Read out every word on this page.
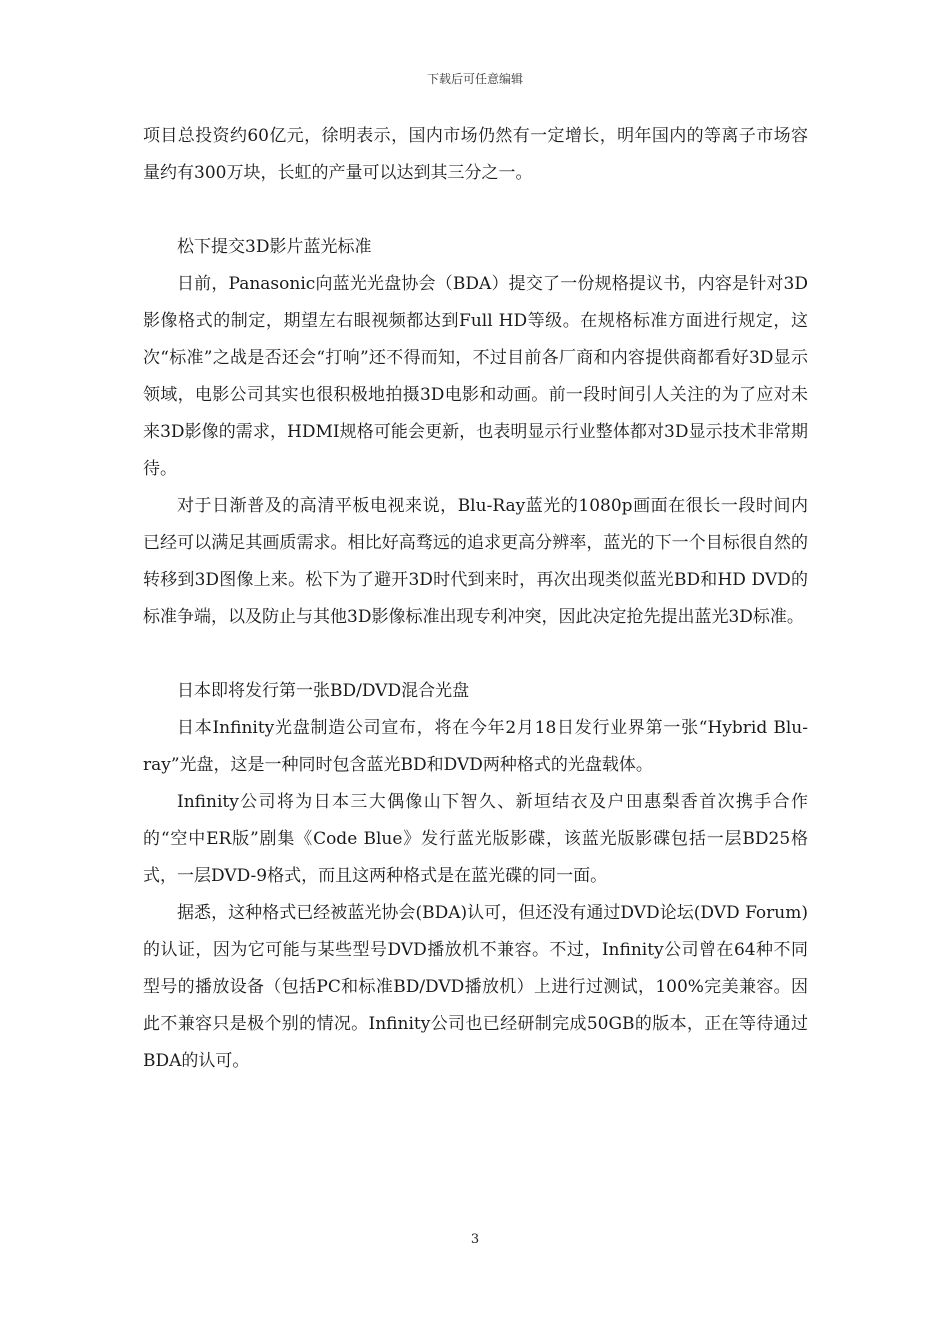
下载后可任意编辑

项目总投资约60亿元，徐明表示，国内市场仍然有一定增长，明年国内的等离子市场容量约有300万块，长虹的产量可以达到其三分之一。

松下提交3D影片蓝光标准

日前，Panasonic向蓝光光盘协会（BDA）提交了一份规格提议书，内容是针对3D影像格式的制定，期望左右眼视频都达到Full HD等级。在规格标准方面进行规定，这次“标准”之战是否还会“打响”还不得而知，不过目前各厂商和内容提供商都看好3D显示领域，电影公司其实也很积极地拍摄3D电影和动画。前一段时间引人关注的为了应对未来3D影像的需求，HDMI规格可能会更新，也表明显示行业整体都对3D显示技术非常期待。

对于日渐普及的高清平板电视来说，Blu-Ray蓝光的1080p画面在很长一段时间内已经可以满足其画质需求。相比好高骛远的追求更高分辨率，蓝光的下一个目标很自然的转移到3D图像上来。松下为了避开3D时代到来时，再次出现类似蓝光BD和HD DVD的标准争端，以及防止与其他3D影像标准出现专利冲突，因此决定抢先提出蓝光3D标准。

日本即将发行第一张BD/DVD混合光盘

日本Infinity光盘制造公司宣布，将在今年2月18日发行业界第一张“Hybrid Blu-ray”光盘，这是一种同时包含蓝光BD和DVD两种格式的光盘载体。

Infinity公司将为日本三大偶像山下智久、新垣结衣及户田惠梨香首次携手合作的“空中ER版”剧集《Code Blue》发行蓝光版影碟，该蓝光版影碟包括一层BD25格式，一层DVD-9格式，而且这两种格式是在蓝光碟的同一面。

据悉，这种格式已经被蓝光协会(BDA)认可，但还没有通过DVD论坛(DVD Forum)的认证，因为它可能与某些型号DVD播放机不兼容。不过，Infinity公司曾在64种不同型号的播放设备（包括PC和标准BD/DVD播放机）上进行过测试，100%完美兼容。因此不兼容只是极个别的情况。Infinity公司也已经研制完成50GB的版本，正在等待通过BDA的认可。

3
